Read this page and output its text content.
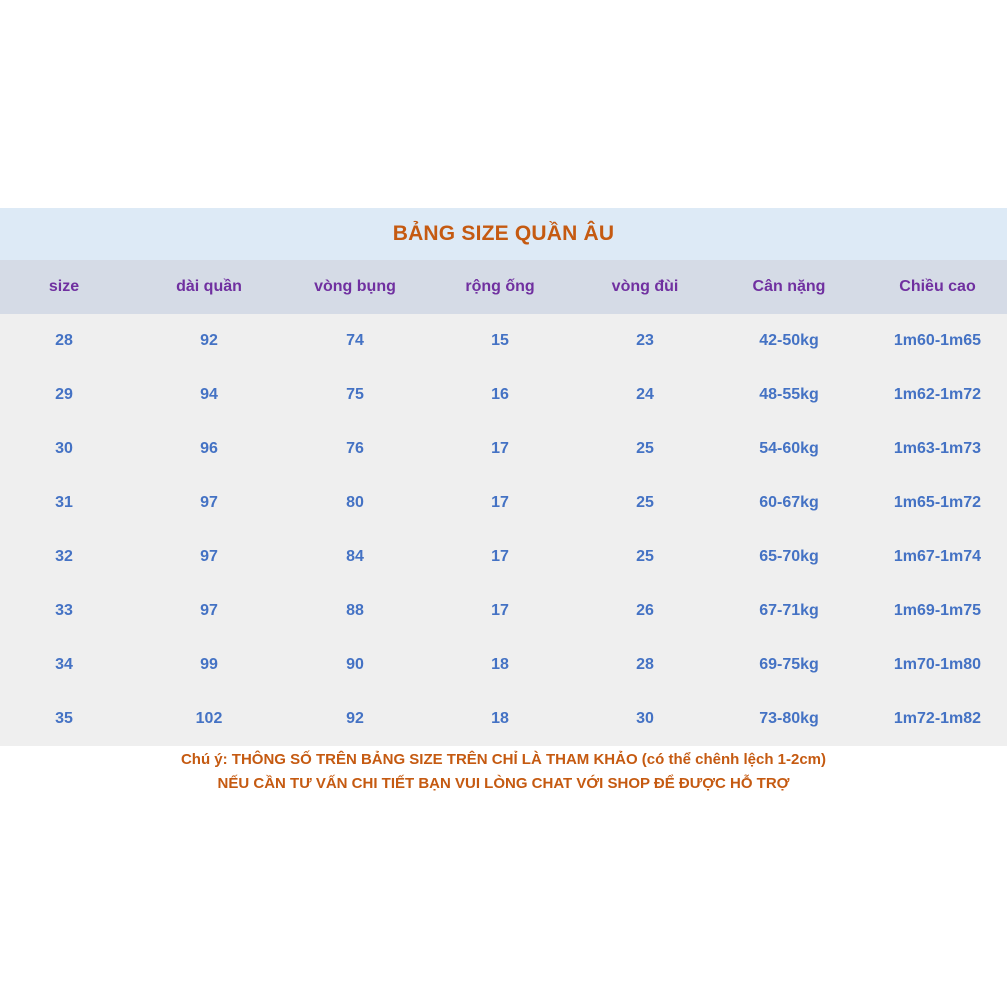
BẢNG SIZE QUẦN ÂU
size	dài quần	vòng bụng	rộng ống	vòng đùi	Cân nặng	Chiều cao
28	92	74	15	23	42-50kg	1m60-1m65
29	94	75	16	24	48-55kg	1m62-1m72
30	96	76	17	25	54-60kg	1m63-1m73
31	97	80	17	25	60-67kg	1m65-1m72
32	97	84	17	25	65-70kg	1m67-1m74
33	97	88	17	26	67-71kg	1m69-1m75
34	99	90	18	28	69-75kg	1m70-1m80
35	102	92	18	30	73-80kg	1m72-1m82
Chú ý: THÔNG SỐ TRÊN BẢNG SIZE TRÊN CHỈ LÀ THAM KHẢO (có thể chênh lệch 1-2cm)
NẾU CẦN TƯ VẤN CHI TIẾT BẠN VUI LÒNG CHAT VỚI SHOP ĐỂ ĐƯỢC HỖ TRỢ
